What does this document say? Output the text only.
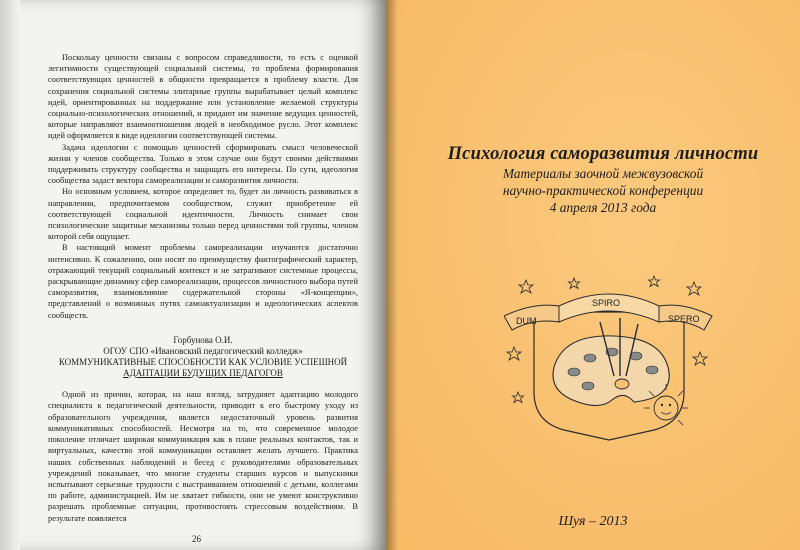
Поскольку ценности связаны с вопросом справедливости, то есть с оценкой легитимности существующей социальной системы, то проблема формирования соответствующих ценностей в общности превращается в проблему власти. Для сохранения социальной системы элитарные группы вырабатывает целый комплекс идей, ориентированных на поддержание или установление желаемой структуры социально-психологических отношений, и придают им значение ведущих ценностей, которые направляют взаимоотношения людей в необходимое русло. Этот комплекс идей оформляется в виде идеологии соответствующей системы.

Задача идеологии с помощью ценностей сформировать смысл человеческой жизни у членов сообщества. Только в этом случае они будут своими действиями поддерживать структуру сообщества и защищать его интересы. По сути, идеология сообщества задаст вектора самореализации и саморазвития личности.

Но основным условием, которое определяет то, будет ли личность развиваться в направлении, предпочитаемом сообществом, служит приобретение ей соответствующей социальной идентичности. Личность снимает свои психологические защитные механизмы только перед ценностями той группы, членом которой себя ощущает.

В настоящий момент проблемы самореализации изучаются достаточно интенсивно. К сожалению, они носят по преимуществу фактографический характер, отражающий текущий социальный контекст и не затрагивают системные процессы, раскрывающие динамику сфер самореализации, процессов личностного выбора путей саморазвития, взаимовлияние содержательной стороны «Я-концепции», представлений о возможных путях самоактуализации и идеологических аспектов сообществ.

Горбунова О.И.

ОГОУ СПО «Ивановский педагогический колледж»

КОММУНИКАТИВНЫЕ СПОСОБНОСТИ КАК УСЛОВИЕ УСПЕШНОЙ
АДАПТАЦИИ БУДУЩИХ ПЕДАГОГОВ

Одной из причин, которая, на наш взгляд, затрудняет адаптацию молодого специалиста к педагогической деятельности, приводит к его быстрому уходу из образовательного учреждения, является недостаточный уровень развития коммуникативных способностей. Несмотря на то, что современное молодое поколение отличает широкая коммуникация как в плане реальных контактов, так и виртуальных, качество этой коммуникации оставляет желать лучшего. Практика наших собственных наблюдений и бесед с руководителями образовательных учреждений показывает, что многие студенты старших курсов и выпускники испытывают серьезные трудности с выстраиванием отношений с детьми, коллегами по работе, администрацией. Им не хватает гибкости, они не умеют конструктивно разрешать проблемные ситуации, противостоять стрессовым воздействиям. В результате появляется

26
Психология саморазвития личности
Материалы заочной межвузовской
научно-практической конференции
4 апреля 2013 года
DUM
SPIRO
SPERO
Шуя – 2013
